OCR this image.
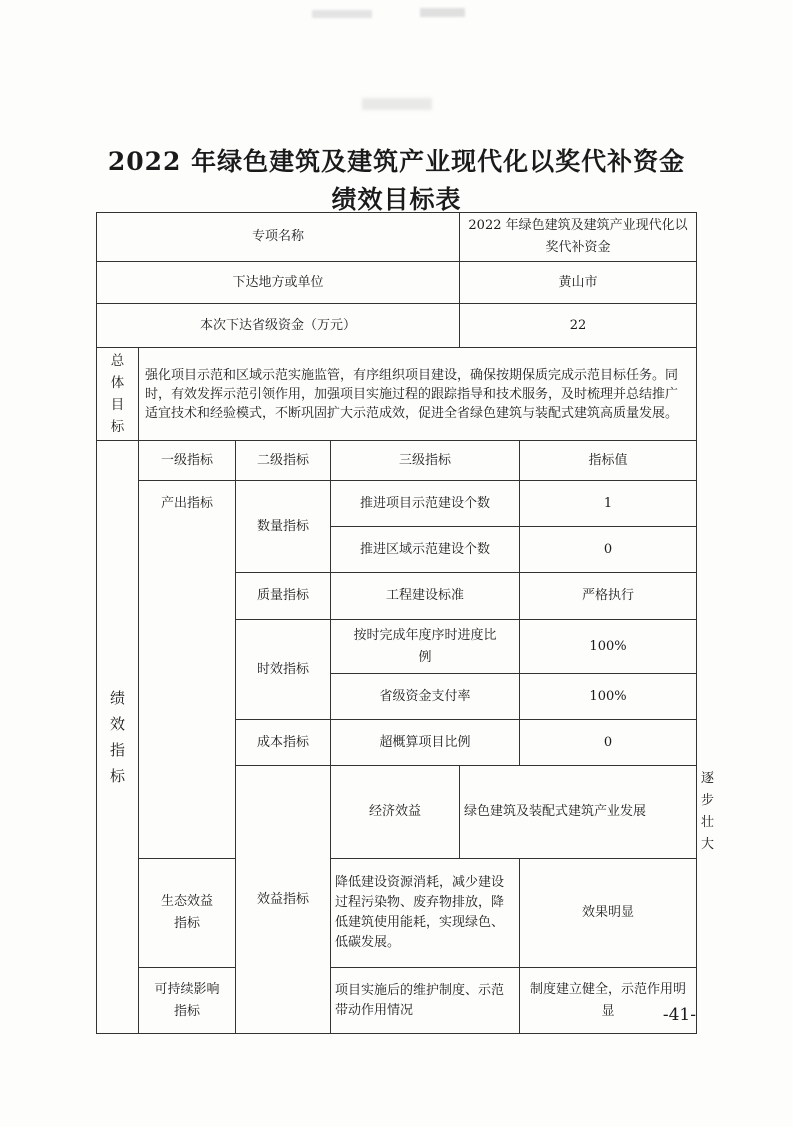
2022 年绿色建筑及建筑产业现代化以奖代补资金
绩效目标表
专项名称				2022 年绿色建筑及建筑产业现代化以奖代补资金		
下达地方或单位				黄山市		
本次下达省级资金（万元）				22		
总体目标	强化项目示范和区域示范实施监管，有序组织项目建设，确保按期保质完成示范目标任务。同时，有效发挥示范引领作用，加强项目实施过程的跟踪指导和技术服务，及时梳理并总结推广适宜技术和经验模式，不断巩固扩大示范成效，促进全省绿色建筑与装配式建筑高质量发展。					
绩效指标	一级指标	二级指标	三级指标		指标值	
	产出指标	数量指标	推进项目示范建设个数		1	
			推进区域示范建设个数		0	
		质量指标	工程建设标准		严格执行	
		时效指标	按时完成年度序时进度比例		100%	
			省级资金支付率		100%	
		成本指标	超概算项目比例		0	
		效益指标	经济效益	绿色建筑及装配式建筑产业发展		逐步壮大
	生态效益指标		降低建设资源消耗，减少建设过程污染物、废弃物排放，降低建筑使用能耗，实现绿色、低碳发展。		效果明显	
	可持续影响指标		项目实施后的维护制度、示范带动作用情况		制度建立健全，示范作用明显		-41-
